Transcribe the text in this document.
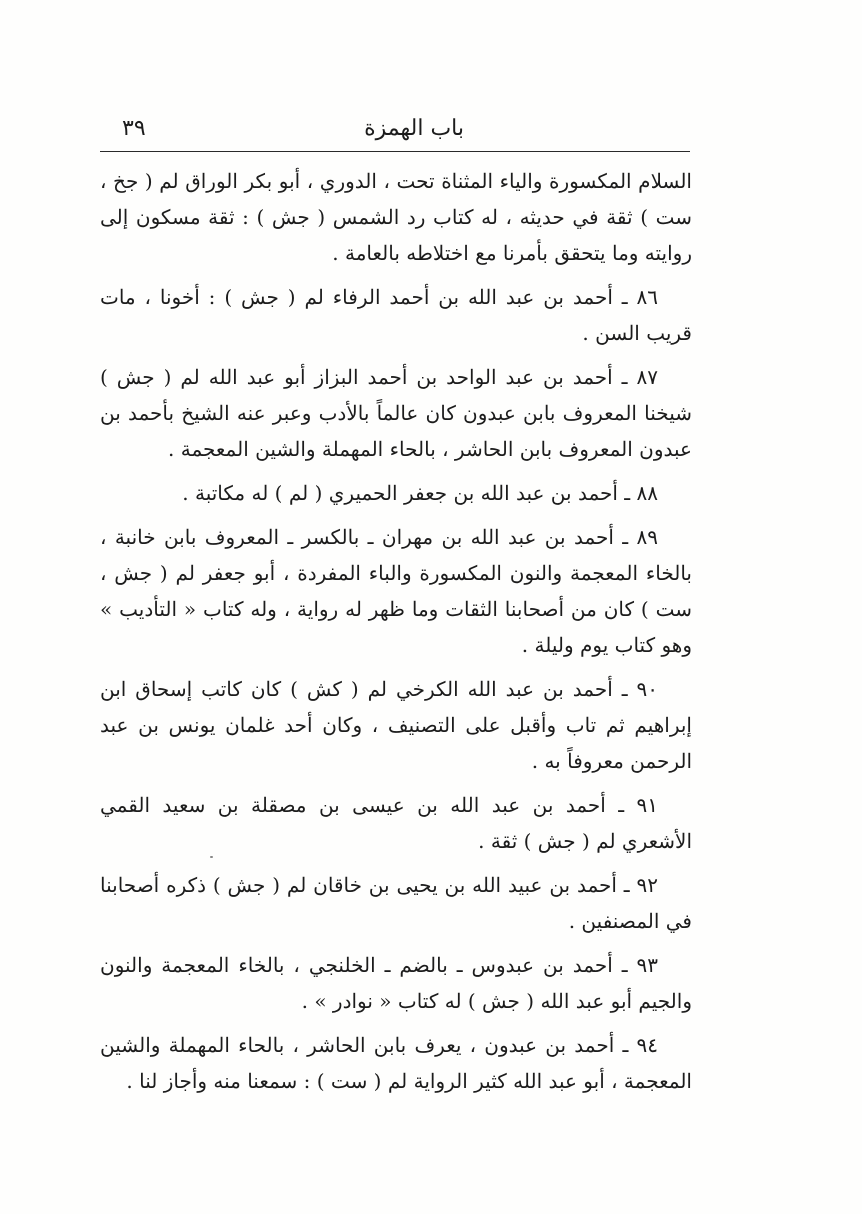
باب الهمزة
٣٩

السلام المكسورة والياء المثناة تحت ، الدوري ، أبو بكر الوراق لم ( جخ ، ست ) ثقة في حديثه ، له كتاب رد الشمس ( جش ) : ثقة مسكون إلى روايته وما يتحقق بأمرنا مع اختلاطه بالعامة .

٨٦ ـ أحمد بن عبد الله بن أحمد الرفاء لم ( جش ) : أخونا ، مات قريب السن .

٨٧ ـ أحمد بن عبد الواحد بن أحمد البزاز أبو عبد الله لم ( جش ) شيخنا المعروف بابن عبدون كان عالماً بالأدب وعبر عنه الشيخ بأحمد بن عبدون المعروف بابن الحاشر ، بالحاء المهملة والشين المعجمة .

٨٨ ـ أحمد بن عبد الله بن جعفر الحميري ( لم ) له مكاتبة .

٨٩ ـ أحمد بن عبد الله بن مهران ـ بالكسر ـ المعروف بابن خانبة ، بالخاء المعجمة والنون المكسورة والباء المفردة ، أبو جعفر لم ( جش ، ست ) كان من أصحابنا الثقات وما ظهر له رواية ، وله كتاب « التأديب » وهو كتاب يوم وليلة .

٩٠ ـ أحمد بن عبد الله الكرخي لم ( كش ) كان كاتب إسحاق ابن إبراهيم ثم تاب وأقبل على التصنيف ، وكان أحد غلمان يونس بن عبد الرحمن معروفاً به .

٩١ ـ أحمد بن عبد الله بن عيسى بن مصقلة بن سعيد القمي الأشعري لم ( جش ) ثقة .

٩٢ ـ أحمد بن عبيد الله بن يحيى بن خاقان لم ( جش ) ذكره أصحابنا في المصنفين .

٩٣ ـ أحمد بن عبدوس ـ بالضم ـ الخلنجي ، بالخاء المعجمة والنون والجيم أبو عبد الله ( جش ) له كتاب « نوادر » .

٩٤ ـ أحمد بن عبدون ، يعرف بابن الحاشر ، بالحاء المهملة والشين المعجمة ، أبو عبد الله كثير الرواية لم ( ست ) : سمعنا منه وأجاز لنا .
